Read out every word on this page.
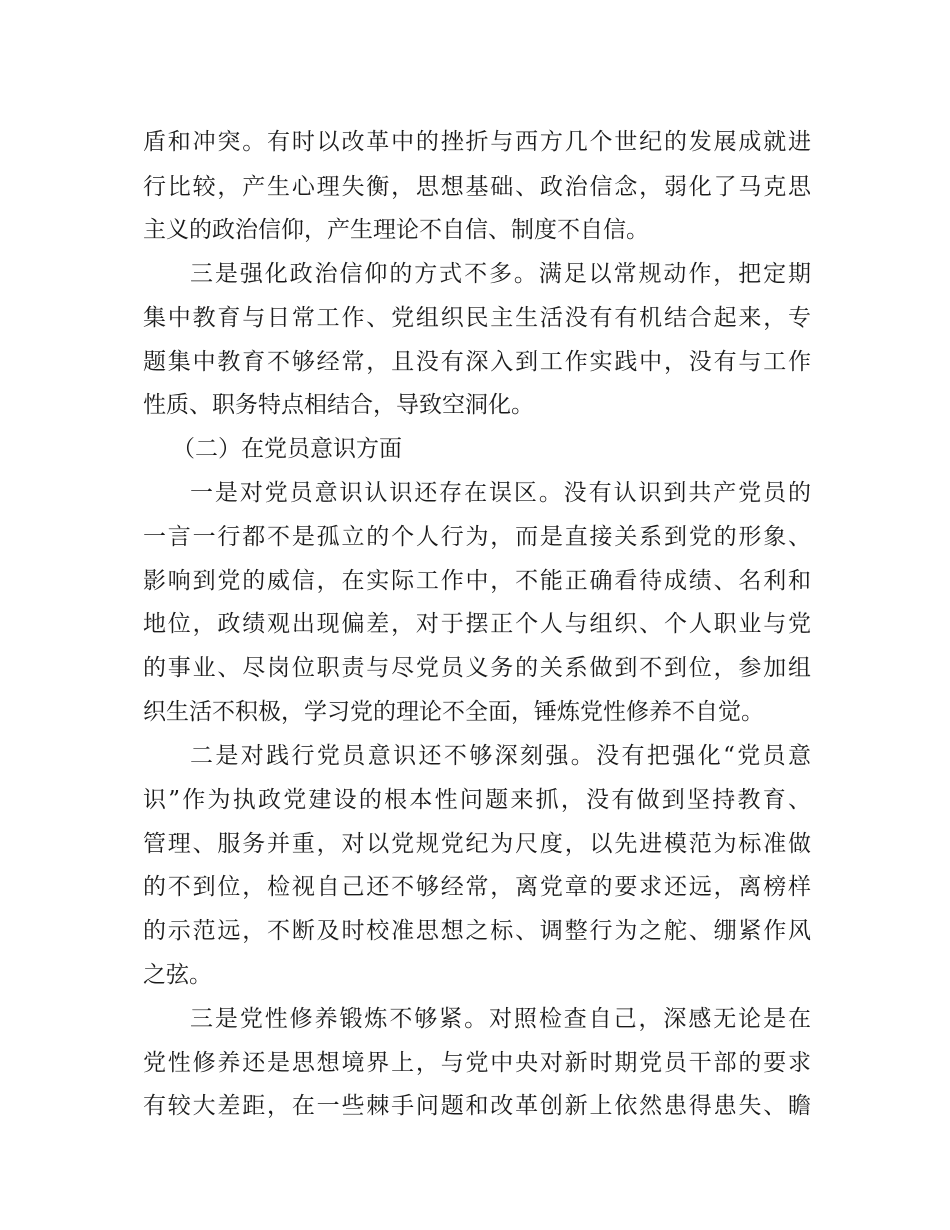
盾和冲突。有时以改革中的挫折与西方几个世纪的发展成就进
行比较，产生心理失衡，思想基础、政治信念，弱化了马克思
主义的政治信仰，产生理论不自信、制度不自信。
三是强化政治信仰的方式不多。满足以常规动作，把定期
集中教育与日常工作、党组织民主生活没有有机结合起来，专
题集中教育不够经常，且没有深入到工作实践中，没有与工作
性质、职务特点相结合，导致空洞化。
（二）在党员意识方面
一是对党员意识认识还存在误区。没有认识到共产党员的
一言一行都不是孤立的个人行为，而是直接关系到党的形象、
影响到党的威信，在实际工作中，不能正确看待成绩、名利和
地位，政绩观出现偏差，对于摆正个人与组织、个人职业与党
的事业、尽岗位职责与尽党员义务的关系做到不到位，参加组
织生活不积极，学习党的理论不全面，锤炼党性修养不自觉。
二是对践行党员意识还不够深刻强。没有把强化“党员意
识”作为执政党建设的根本性问题来抓，没有做到坚持教育、
管理、服务并重，对以党规党纪为尺度，以先进模范为标准做
的不到位，检视自己还不够经常，离党章的要求还远，离榜样
的示范远，不断及时校准思想之标、调整行为之舵、绷紧作风
之弦。
三是党性修养锻炼不够紧。对照检查自己，深感无论是在
党性修养还是思想境界上，与党中央对新时期党员干部的要求
有较大差距，在一些棘手问题和改革创新上依然患得患失、瞻
